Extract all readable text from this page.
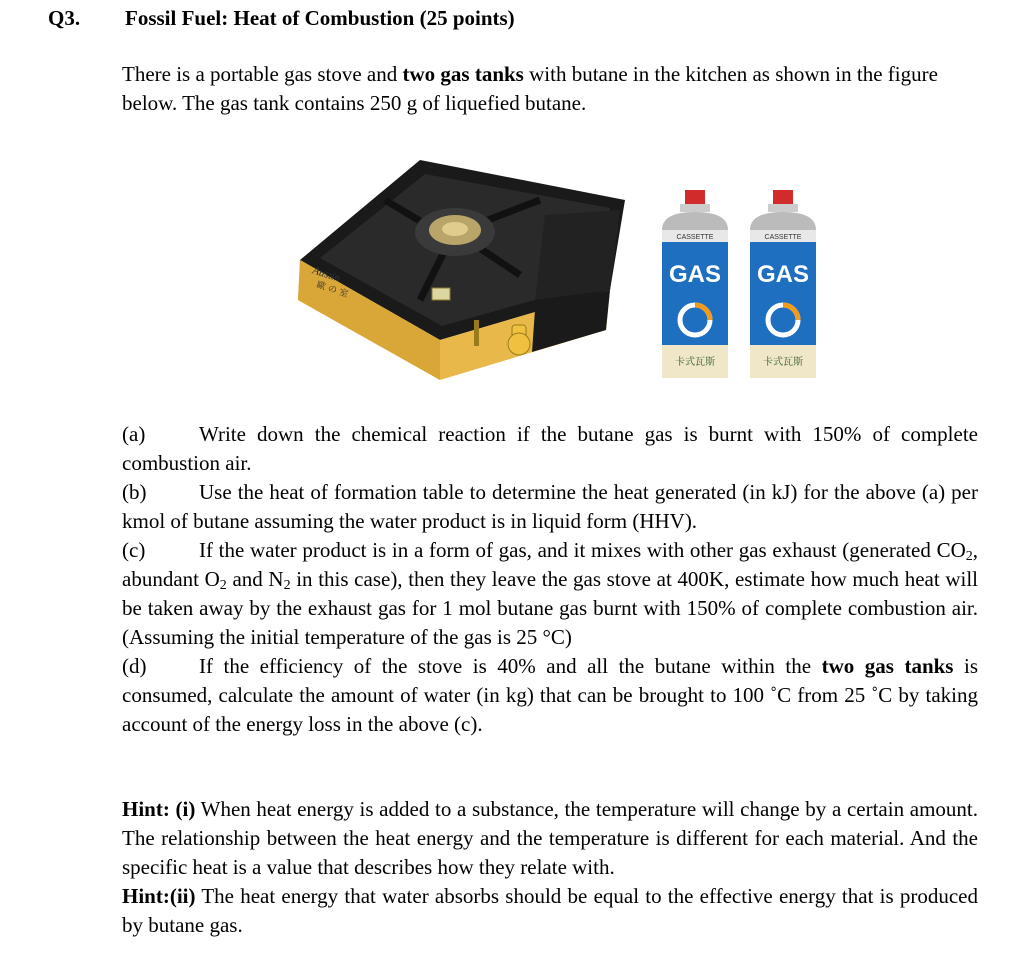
Q3. Fossil Fuel: Heat of Combustion (25 points)
There is a portable gas stove and two gas tanks with butane in the kitchen as shown in the figure below. The gas tank contains 250 g of liquefied butane.
Austin
歐 の 室
CASSETTE
GAS
卡式瓦斯
CASSETTE
GAS
卡式瓦斯

(a)	Write down the chemical reaction if the butane gas is burnt with 150% of complete combustion air.

(b)	Use the heat of formation table to determine the heat generated (in kJ) for the above (a) per kmol of butane assuming the water product is in liquid form (HHV).

(c)	If the water product is in a form of gas, and it mixes with other gas exhaust (generated $CO_2$, abundant $O_2$ and $N_2$ in this case), then they leave the gas stove at 400K, estimate how much heat will be taken away by the exhaust gas for 1 mol butane gas burnt with 150% of complete combustion air. (Assuming the initial temperature of the gas is 25 °C)

(d)	If the efficiency of the stove is 40% and all the butane within the two gas tanks is consumed, calculate the amount of water (in kg) that can be brought to 100 ˚C from 25 ˚C by taking account of the energy loss in the above (c).

Hint: (i) When heat energy is added to a substance, the temperature will change by a certain amount. The relationship between the heat energy and the temperature is different for each material. And the specific heat is a value that describes how they relate with.

Hint:(ii) The heat energy that water absorbs should be equal to the effective energy that is produced by butane gas.
